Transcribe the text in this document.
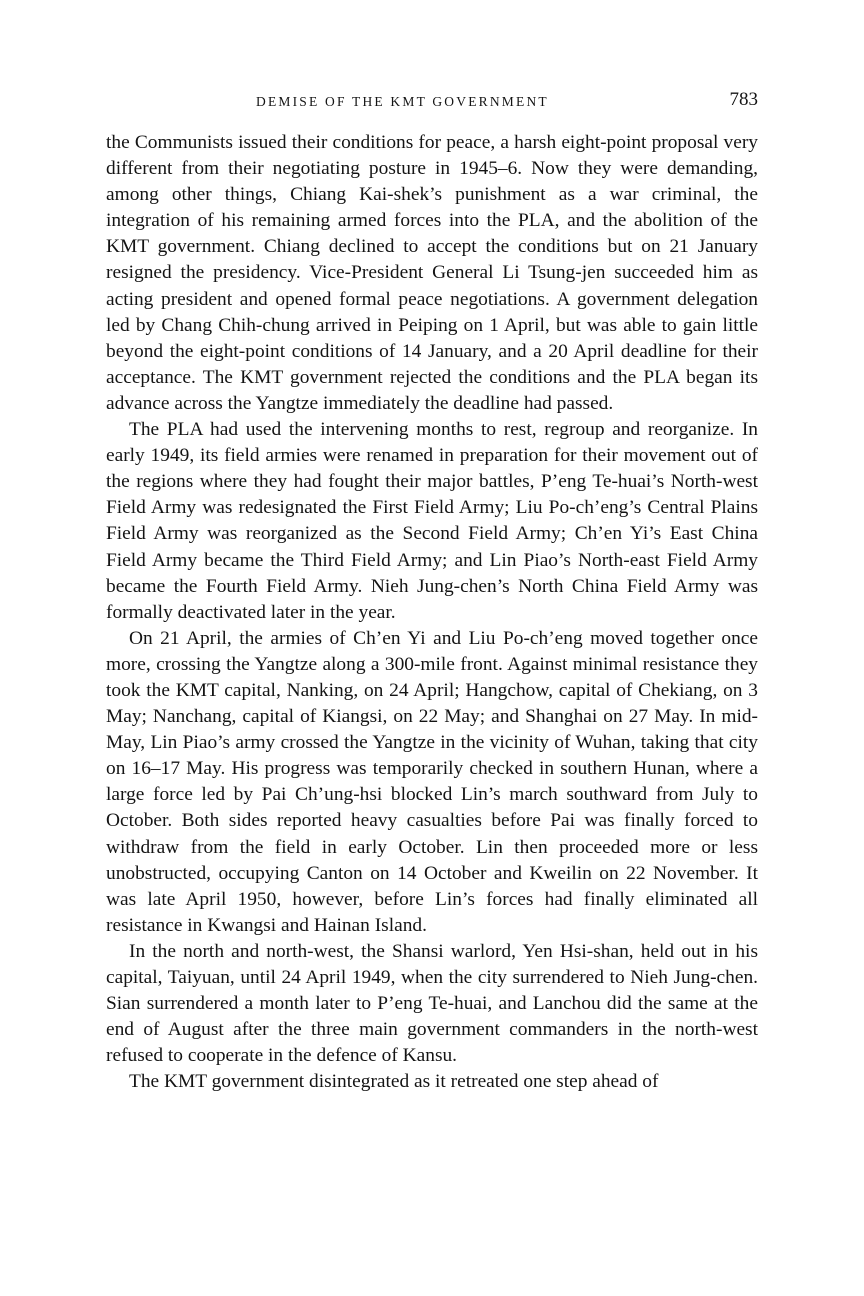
DEMISE OF THE KMT GOVERNMENT	783

the Communists issued their conditions for peace, a harsh eight-point proposal very different from their negotiating posture in 1945–6. Now they were demanding, among other things, Chiang Kai-shek’s punishment as a war criminal, the integration of his remaining armed forces into the PLA, and the abolition of the KMT government. Chiang declined to accept the conditions but on 21 January resigned the presidency. Vice-President General Li Tsung-jen succeeded him as acting president and opened formal peace negotiations. A government delegation led by Chang Chih-chung arrived in Peiping on 1 April, but was able to gain little beyond the eight-point conditions of 14 January, and a 20 April deadline for their acceptance. The KMT government rejected the conditions and the PLA began its advance across the Yangtze immediately the deadline had passed.

The PLA had used the intervening months to rest, regroup and reorganize. In early 1949, its field armies were renamed in preparation for their movement out of the regions where they had fought their major battles, P’eng Te-huai’s North-west Field Army was redesignated the First Field Army; Liu Po-ch’eng’s Central Plains Field Army was reorganized as the Second Field Army; Ch’en Yi’s East China Field Army became the Third Field Army; and Lin Piao’s North-east Field Army became the Fourth Field Army. Nieh Jung-chen’s North China Field Army was formally deactivated later in the year.

On 21 April, the armies of Ch’en Yi and Liu Po-ch’eng moved together once more, crossing the Yangtze along a 300-mile front. Against minimal resistance they took the KMT capital, Nanking, on 24 April; Hangchow, capital of Chekiang, on 3 May; Nanchang, capital of Kiangsi, on 22 May; and Shanghai on 27 May. In mid-May, Lin Piao’s army crossed the Yangtze in the vicinity of Wuhan, taking that city on 16–17 May. His progress was temporarily checked in southern Hunan, where a large force led by Pai Ch’ung-hsi blocked Lin’s march southward from July to October. Both sides reported heavy casualties before Pai was finally forced to withdraw from the field in early October. Lin then proceeded more or less unobstructed, occupying Canton on 14 October and Kweilin on 22 November. It was late April 1950, however, before Lin’s forces had finally eliminated all resistance in Kwangsi and Hainan Island.

In the north and north-west, the Shansi warlord, Yen Hsi-shan, held out in his capital, Taiyuan, until 24 April 1949, when the city surrendered to Nieh Jung-chen. Sian surrendered a month later to P’eng Te-huai, and Lanchou did the same at the end of August after the three main government commanders in the north-west refused to cooperate in the defence of Kansu.

The KMT government disintegrated as it retreated one step ahead of
